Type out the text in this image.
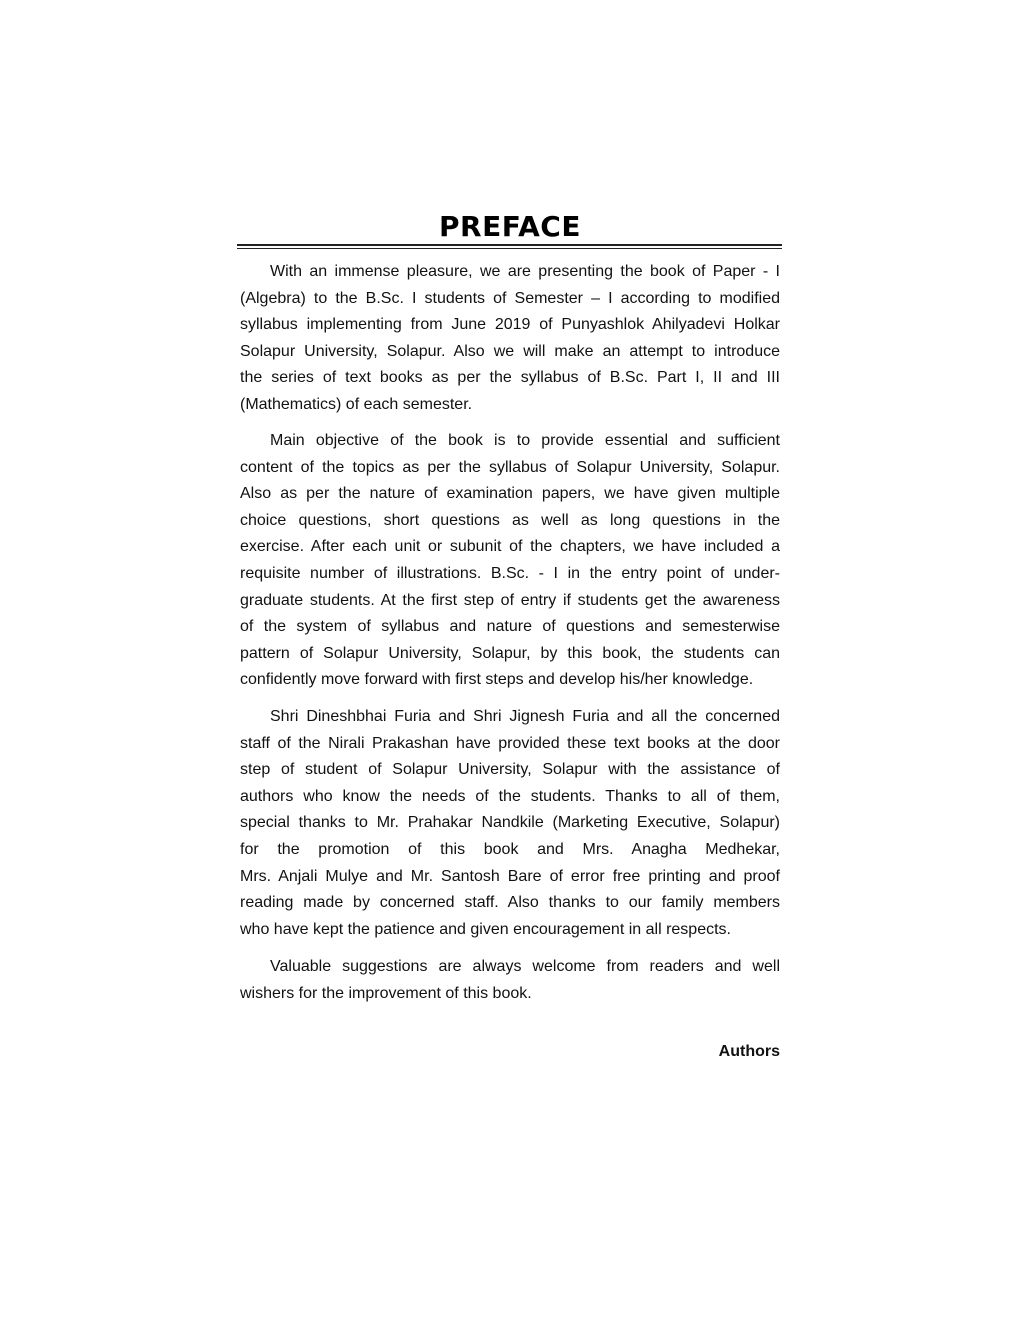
PREFACE
With an immense pleasure, we are presenting the book of Paper - I
(Algebra) to the B.Sc. I students of Semester – I according to modified
syllabus implementing from June 2019 of Punyashlok Ahilyadevi Holkar
Solapur University, Solapur. Also we will make an attempt to introduce
the series of text books as per the syllabus of B.Sc. Part I, II and III
(Mathematics) of each semester.
Main objective of the book is to provide essential and sufficient
content of the topics as per the syllabus of Solapur University, Solapur.
Also as per the nature of examination papers, we have given multiple
choice questions, short questions as well as long questions in the
exercise. After each unit or subunit of the chapters, we have included a
requisite number of illustrations. B.Sc. - I in the entry point of under-
graduate students. At the first step of entry if students get the awareness
of the system of syllabus and nature of questions and semesterwise
pattern of Solapur University, Solapur, by this book, the students can
confidently move forward with first steps and develop his/her knowledge.
Shri Dineshbhai Furia and Shri Jignesh Furia and all the concerned
staff of the Nirali Prakashan have provided these text books at the door
step of student of Solapur University, Solapur with the assistance of
authors who know the needs of the students. Thanks to all of them,
special thanks to Mr. Prahakar Nandkile (Marketing Executive, Solapur)
for the promotion of this book and Mrs. Anagha Medhekar,
Mrs. Anjali Mulye and Mr. Santosh Bare of error free printing and proof
reading made by concerned staff. Also thanks to our family members
who have kept the patience and given encouragement in all respects.
Valuable suggestions are always welcome from readers and well
wishers for the improvement of this book.
Authors
